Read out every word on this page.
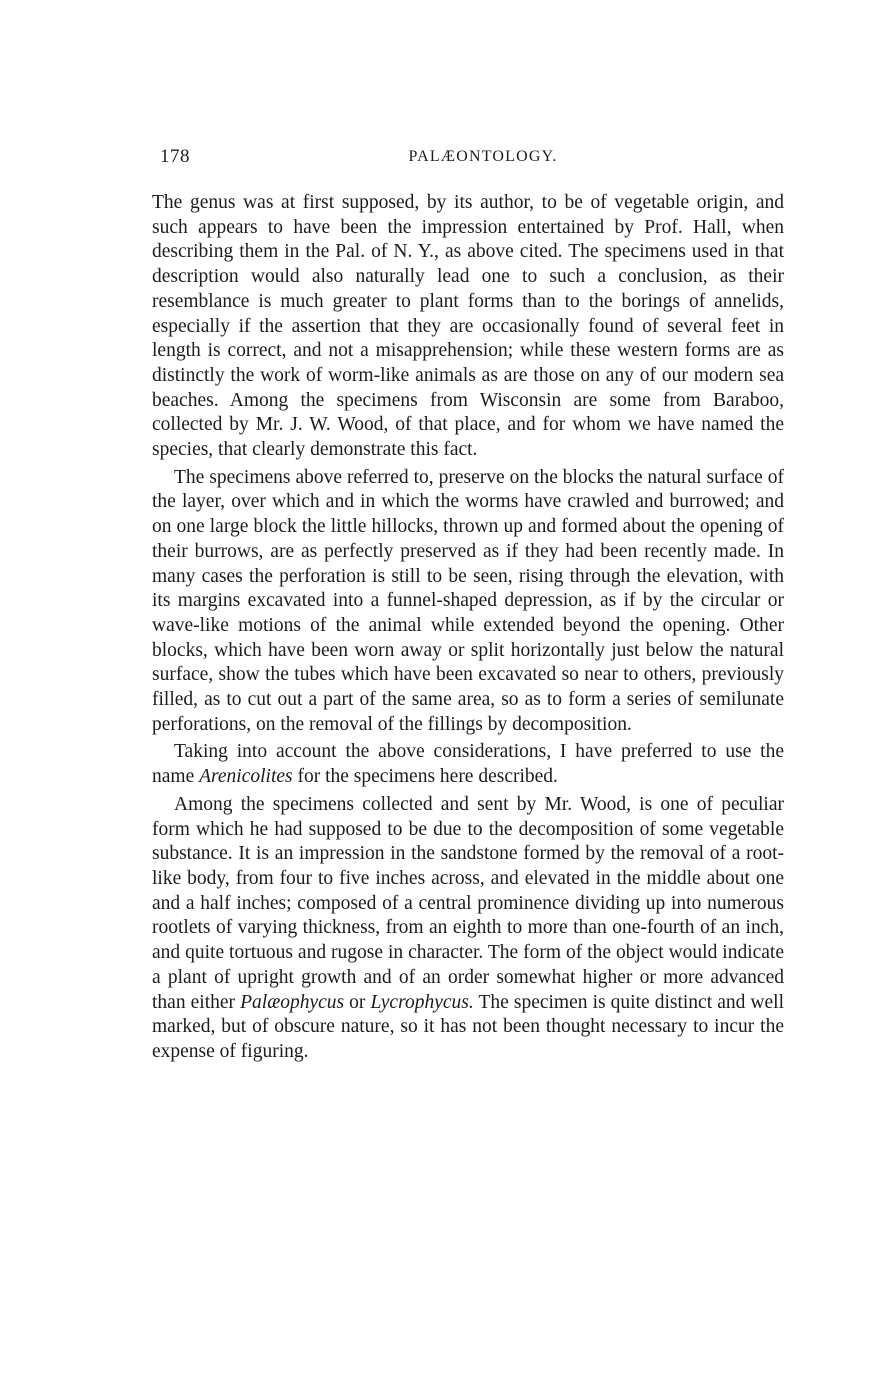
178	PALÆONTOLOGY.

The genus was at first supposed, by its author, to be of vegetable origin, and such appears to have been the impression entertained by Prof. Hall, when describing them in the Pal. of N. Y., as above cited. The specimens used in that description would also naturally lead one to such a conclusion, as their resemblance is much greater to plant forms than to the borings of annelids, especially if the assertion that they are occasionally found of several feet in length is correct, and not a misapprehension; while these western forms are as distinctly the work of worm-like animals as are those on any of our modern sea beaches. Among the specimens from Wisconsin are some from Baraboo, collected by Mr. J. W. Wood, of that place, and for whom we have named the species, that clearly demonstrate this fact.

The specimens above referred to, preserve on the blocks the natural surface of the layer, over which and in which the worms have crawled and burrowed; and on one large block the little hillocks, thrown up and formed about the opening of their burrows, are as perfectly preserved as if they had been recently made. In many cases the perforation is still to be seen, rising through the elevation, with its margins excavated into a funnel-shaped depression, as if by the circular or wave-like motions of the animal while extended beyond the opening. Other blocks, which have been worn away or split horizontally just below the natural surface, show the tubes which have been excavated so near to others, previously filled, as to cut out a part of the same area, so as to form a series of semilunate perforations, on the removal of the fillings by decomposition.

Taking into account the above considerations, I have preferred to use the name Arenicolites for the specimens here described.

Among the specimens collected and sent by Mr. Wood, is one of peculiar form which he had supposed to be due to the decomposition of some vegetable substance. It is an impression in the sandstone formed by the removal of a root-like body, from four to five inches across, and elevated in the middle about one and a half inches; composed of a central prominence dividing up into numerous rootlets of varying thickness, from an eighth to more than one-fourth of an inch, and quite tortuous and rugose in character. The form of the object would indicate a plant of upright growth and of an order somewhat higher or more advanced than either Palæophycus or Lycrophycus. The specimen is quite distinct and well marked, but of obscure nature, so it has not been thought necessary to incur the expense of figuring.
